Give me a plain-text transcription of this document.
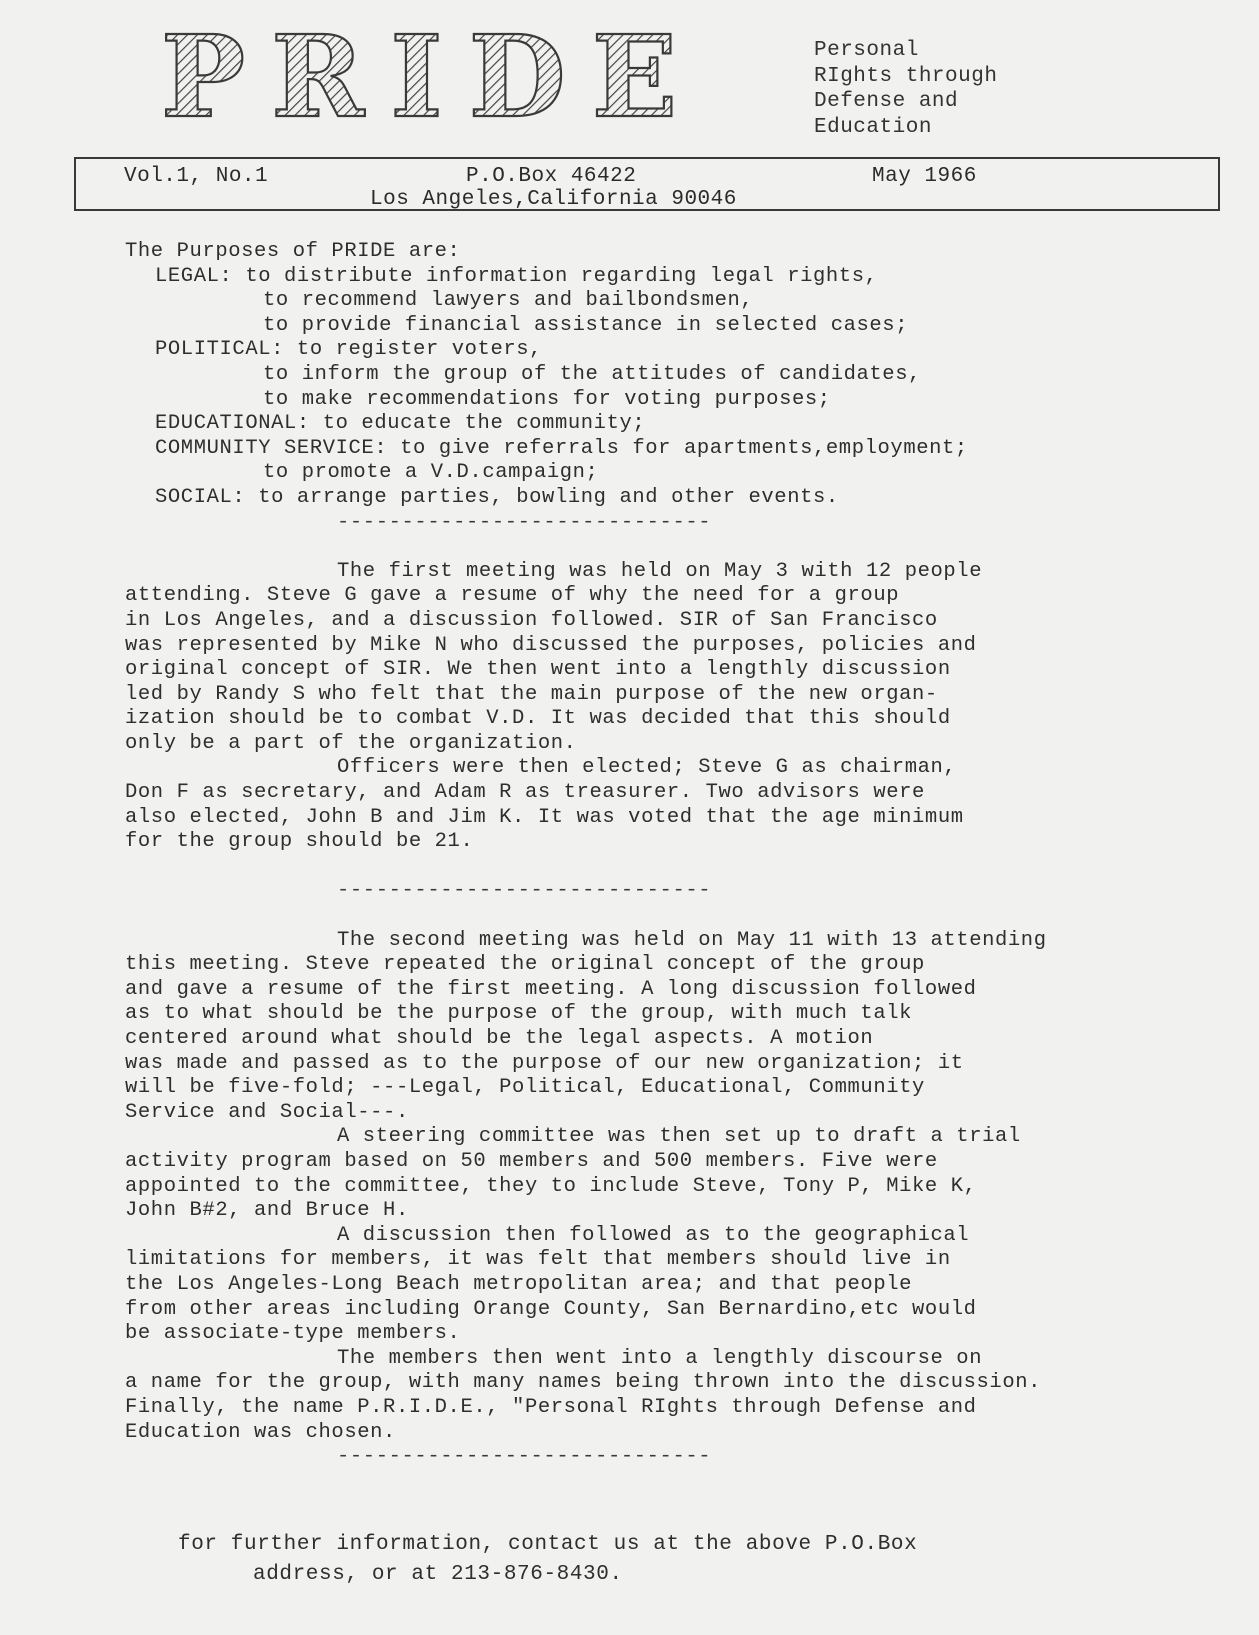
PRIDE	Personal
RIghts through
Defense and
Education
Vol.1, No.1	P.O.Box 46422	May 1966
Los Angeles,California 90046
The Purposes of PRIDE are:
LEGAL: to distribute information regarding legal rights,
to recommend lawyers and bailbondsmen,
to provide financial assistance in selected cases;
POLITICAL: to register voters,
to inform the group of the attitudes of candidates,
to make recommendations for voting purposes;
EDUCATIONAL: to educate the community;
COMMUNITY SERVICE: to give referrals for apartments,employment;
to promote a V.D.campaign;
SOCIAL: to arrange parties, bowling and other events.
-----------------------------
The first meeting was held on May 3 with 12 people
attending. Steve G gave a resume of why the need for a group
in Los Angeles, and a discussion followed. SIR of San Francisco
was represented by Mike N who discussed the purposes, policies and
original concept of SIR. We then went into a lengthly discussion
led by Randy S who felt that the main purpose of the new organ-
ization should be to combat V.D. It was decided that this should
only be a part of the organization.
Officers were then elected; Steve G as chairman,
Don F as secretary, and Adam R as treasurer. Two advisors were
also elected, John B and Jim K. It was voted that the age minimum
for the group should be 21.
-----------------------------
The second meeting was held on May 11 with 13 attending
this meeting. Steve repeated the original concept of the group
and gave a resume of the first meeting. A long discussion followed
as to what should be the purpose of the group, with much talk
centered around what should be the legal aspects. A motion
was made and passed as to the purpose of our new organization; it
will be five-fold; ---Legal, Political, Educational, Community
Service and Social---.
A steering committee was then set up to draft a trial
activity program based on 50 members and 500 members. Five were
appointed to the committee, they to include Steve, Tony P, Mike K,
John B#2, and Bruce H.
A discussion then followed as to the geographical
limitations for members, it was felt that members should live in
the Los Angeles-Long Beach metropolitan area; and that people
from other areas including Orange County, San Bernardino,etc would
be associate-type members.
The members then went into a lengthly discourse on
a name for the group, with many names being thrown into the discussion.
Finally, the name P.R.I.D.E., "Personal RIghts through Defense and
Education was chosen.
-----------------------------
for further information, contact us at the above P.O.Box
address, or at 213-876-8430.
